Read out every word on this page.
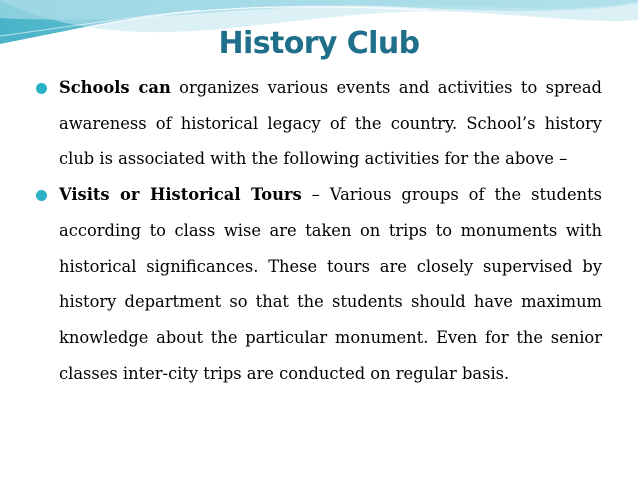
History Club
Schools can organizes various events and activities to spread awareness of historical legacy of the country. School’s history club is associated with the following activities for the above –
Visits or Historical Tours – Various groups of the students according to class wise are taken on trips to monuments with historical significances. These tours are closely supervised by history department so that the students should have maximum knowledge about the particular monument. Even for the senior classes inter-city trips are conducted on regular basis.
